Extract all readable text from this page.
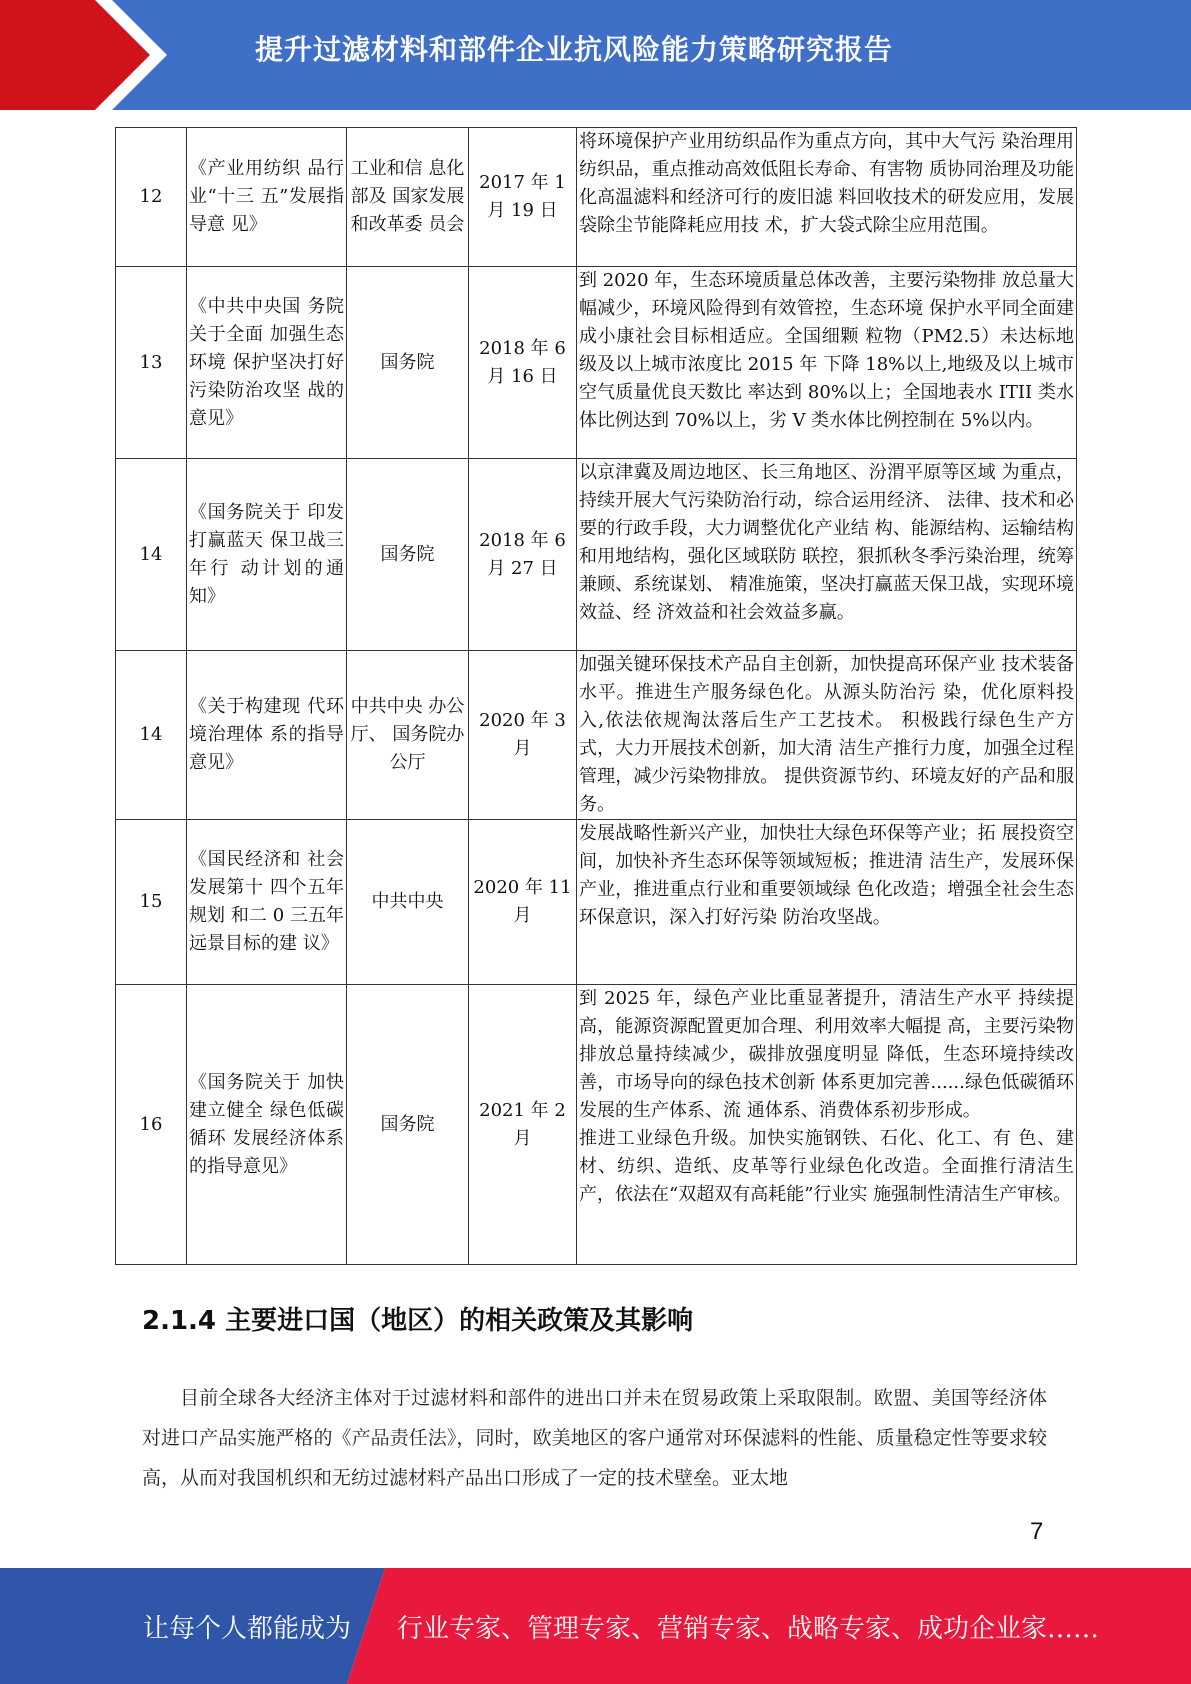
提升过滤材料和部件企业抗风险能力策略研究报告
12	《产业用纺织 品行业“十三 五”发展指导意 见》	工业和信 息化部及 国家发展 和改革委 员会	2017 年 1 月 19 日	将环境保护产业用纺织品作为重点方向，其中大气污 染治理用纺织品，重点推动高效低阻长寿命、有害物 质协同治理及功能化高温滤料和经济可行的废旧滤 料回收技术的研发应用，发展袋除尘节能降耗应用技 术，扩大袋式除尘应用范围。

13	《中共中央国 务院关于全面 加强生态环境 保护坚决打好 污染防治攻坚 战的意见》	国务院	2018 年 6 月 16 日	到 2020 年，生态环境质量总体改善，主要污染物排 放总量大幅减少，环境风险得到有效管控，生态环境 保护水平同全面建成小康社会目标相适应。全国细颗 粒物（PM2.5）未达标地级及以上城市浓度比 2015 年 下降 18%以上,地级及以上城市空气质量优良天数比 率达到 80%以上；全国地表水 ITII 类水体比例达到 70%以上，劣 V 类水体比例控制在 5%以内。

14	《国务院关于 印发打赢蓝天 保卫战三年行 动计划的通知》	国务院	2018 年 6 月 27 日	以京津冀及周边地区、长三角地区、汾渭平原等区域 为重点，持续开展大气污染防治行动，综合运用经济、 法律、技术和必要的行政手段，大力调整优化产业结 构、能源结构、运输结构和用地结构，强化区域联防 联控，狠抓秋冬季污染治理，统筹兼顾、系统谋划、 精准施策，坚决打赢蓝天保卫战，实现环境效益、经 济效益和社会效益多赢。

14	《关于构建现 代环境治理体 系的指导意见》	中共中央 办公厅、 国务院办 公厅	2020 年 3 月	加强关键环保技术产品自主创新，加快提高环保产业 技术装备水平。推进生产服务绿色化。从源头防治污 染，优化原料投入,依法依规淘汰落后生产工艺技术。 积极践行绿色生产方式，大力开展技术创新，加大清 洁生产推行力度，加强全过程管理，减少污染物排放。 提供资源节约、环境友好的产品和服务。

15	《国民经济和 社会发展第十 四个五年规划 和二 0 三五年 远景目标的建 议》	中共中央	2020 年 11 月	发展战略性新兴产业，加快壮大绿色环保等产业；拓 展投资空间，加快补齐生态环保等领域短板；推进清 洁生产，发展环保产业，推进重点行业和重要领域绿 色化改造；增强全社会生态环保意识，深入打好污染 防治攻坚战。

16	《国务院关于 加快建立健全 绿色低碳循环 发展经济体系 的指导意见》	国务院	2021 年 2 月	到 2025 年，绿色产业比重显著提升，清洁生产水平 持续提高，能源资源配置更加合理、利用效率大幅提 高，主要污染物排放总量持续减少，碳排放强度明显 降低，生态环境持续改善，市场导向的绿色技术创新 体系更加完善......绿色低碳循环发展的生产体系、流 通体系、消费体系初步形成。
推进工业绿色升级。加快实施钢铁、石化、化工、有 色、建材、纺织、造纸、皮革等行业绿色化改造。全面推行清洁生产，依法在“双超双有高耗能”行业实 施强制性清洁生产审核。
2.1.4 主要进口国（地区）的相关政策及其影响
目前全球各大经济主体对于过滤材料和部件的进出口并未在贸易政策上采取限制。欧盟、美国等经济体对进口产品实施严格的《产品责任法》，同时，欧美地区的客户通常对环保滤料的性能、质量稳定性等要求较高，从而对我国机织和无纺过滤材料产品出口形成了一定的技术壁垒。亚太地
7
让每个人都能成为 行业专家、管理专家、营销专家、战略专家、成功企业家……
